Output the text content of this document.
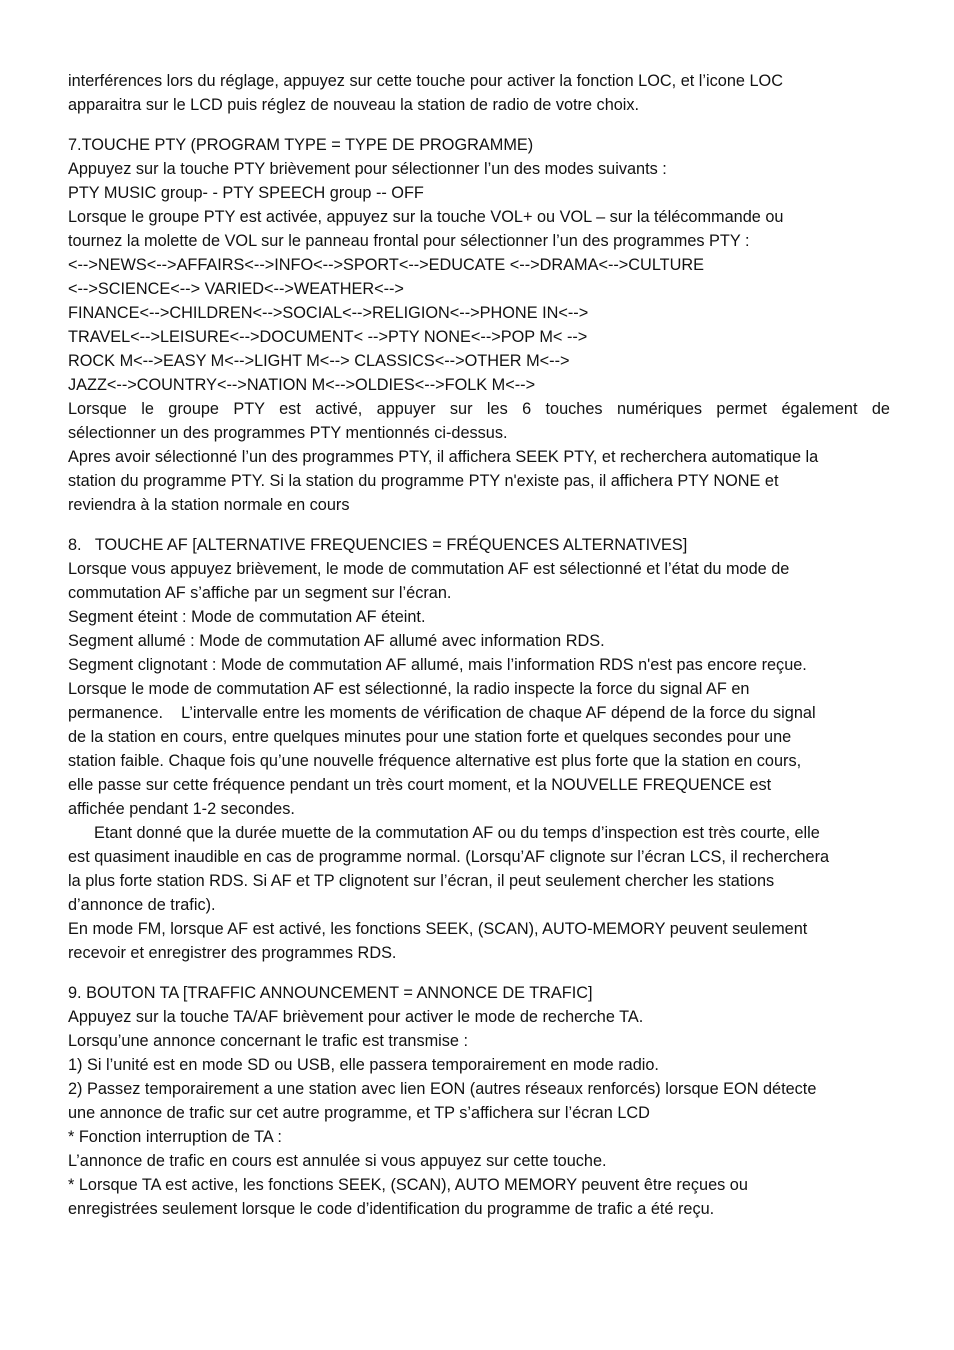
interférences lors du réglage, appuyez sur cette touche pour activer la fonction LOC, et l’icone LOC
apparaitra sur le LCD puis réglez de nouveau la station de radio de votre choix.
7.TOUCHE PTY (PROGRAM TYPE = TYPE DE PROGRAMME)
Appuyez sur la touche PTY brièvement pour sélectionner l’un des modes suivants :
PTY MUSIC group- - PTY SPEECH group -- OFF
Lorsque le groupe PTY est activée, appuyez sur la touche VOL+ ou VOL – sur la télécommande ou
tournez la molette de VOL sur le panneau frontal pour sélectionner l’un des programmes PTY :
<-->NEWS<-->AFFAIRS<-->INFO<-->SPORT<-->EDUCATE <-->DRAMA<-->CULTURE
<-->SCIENCE<--> VARIED<-->WEATHER<-->
FINANCE<-->CHILDREN<-->SOCIAL<-->RELIGION<-->PHONE IN<-->
TRAVEL<-->LEISURE<-->DOCUMENT< -->PTY NONE<-->POP M< -->
ROCK M<-->EASY M<-->LIGHT M<--> CLASSICS<-->OTHER M<-->
JAZZ<-->COUNTRY<-->NATION M<-->OLDIES<-->FOLK M<-->
Lorsque le groupe PTY est activé, appuyer sur les 6 touches numériques permet également de
sélectionner un des programmes PTY mentionnés ci-dessus.
Apres avoir sélectionné l’un des programmes PTY, il affichera SEEK PTY, et recherchera automatique la
station du programme PTY. Si la station du programme PTY n'existe pas, il affichera PTY NONE et
reviendra à la station normale en cours
8.   TOUCHE AF [ALTERNATIVE FREQUENCIES = FRÉQUENCES ALTERNATIVES]
Lorsque vous appuyez brièvement, le mode de commutation AF est sélectionné et l’état du mode de
commutation AF s’affiche par un segment sur l’écran.
Segment éteint : Mode de commutation AF éteint.
Segment allumé : Mode de commutation AF allumé avec information RDS.
Segment clignotant : Mode de commutation AF allumé, mais l’information RDS n'est pas encore reçue.
Lorsque le mode de commutation AF est sélectionné, la radio inspecte la force du signal AF en
permanence.    L’intervalle entre les moments de vérification de chaque AF dépend de la force du signal
de la station en cours, entre quelques minutes pour une station forte et quelques secondes pour une
station faible. Chaque fois qu’une nouvelle fréquence alternative est plus forte que la station en cours,
elle passe sur cette fréquence pendant un très court moment, et la NOUVELLE FREQUENCE est
affichée pendant 1-2 secondes.
Etant donné que la durée muette de la commutation AF ou du temps d’inspection est très courte, elle
est quasiment inaudible en cas de programme normal. (Lorsqu’AF clignote sur l’écran LCS, il recherchera
la plus forte station RDS. Si AF et TP clignotent sur l’écran, il peut seulement chercher les stations
d’annonce de trafic).
En mode FM, lorsque AF est activé, les fonctions SEEK, (SCAN), AUTO-MEMORY peuvent seulement
recevoir et enregistrer des programmes RDS.
9. BOUTON TA [TRAFFIC ANNOUNCEMENT = ANNONCE DE TRAFIC]
Appuyez sur la touche TA/AF brièvement pour activer le mode de recherche TA.
Lorsqu’une annonce concernant le trafic est transmise :
1) Si l’unité est en mode SD ou USB, elle passera temporairement en mode radio.
2) Passez temporairement a une station avec lien EON (autres réseaux renforcés) lorsque EON détecte
une annonce de trafic sur cet autre programme, et TP s’affichera sur l’écran LCD
* Fonction interruption de TA :
L’annonce de trafic en cours est annulée si vous appuyez sur cette touche.
* Lorsque TA est active, les fonctions SEEK, (SCAN), AUTO MEMORY peuvent être reçues ou
enregistrées seulement lorsque le code d’identification du programme de trafic a été reçu.
